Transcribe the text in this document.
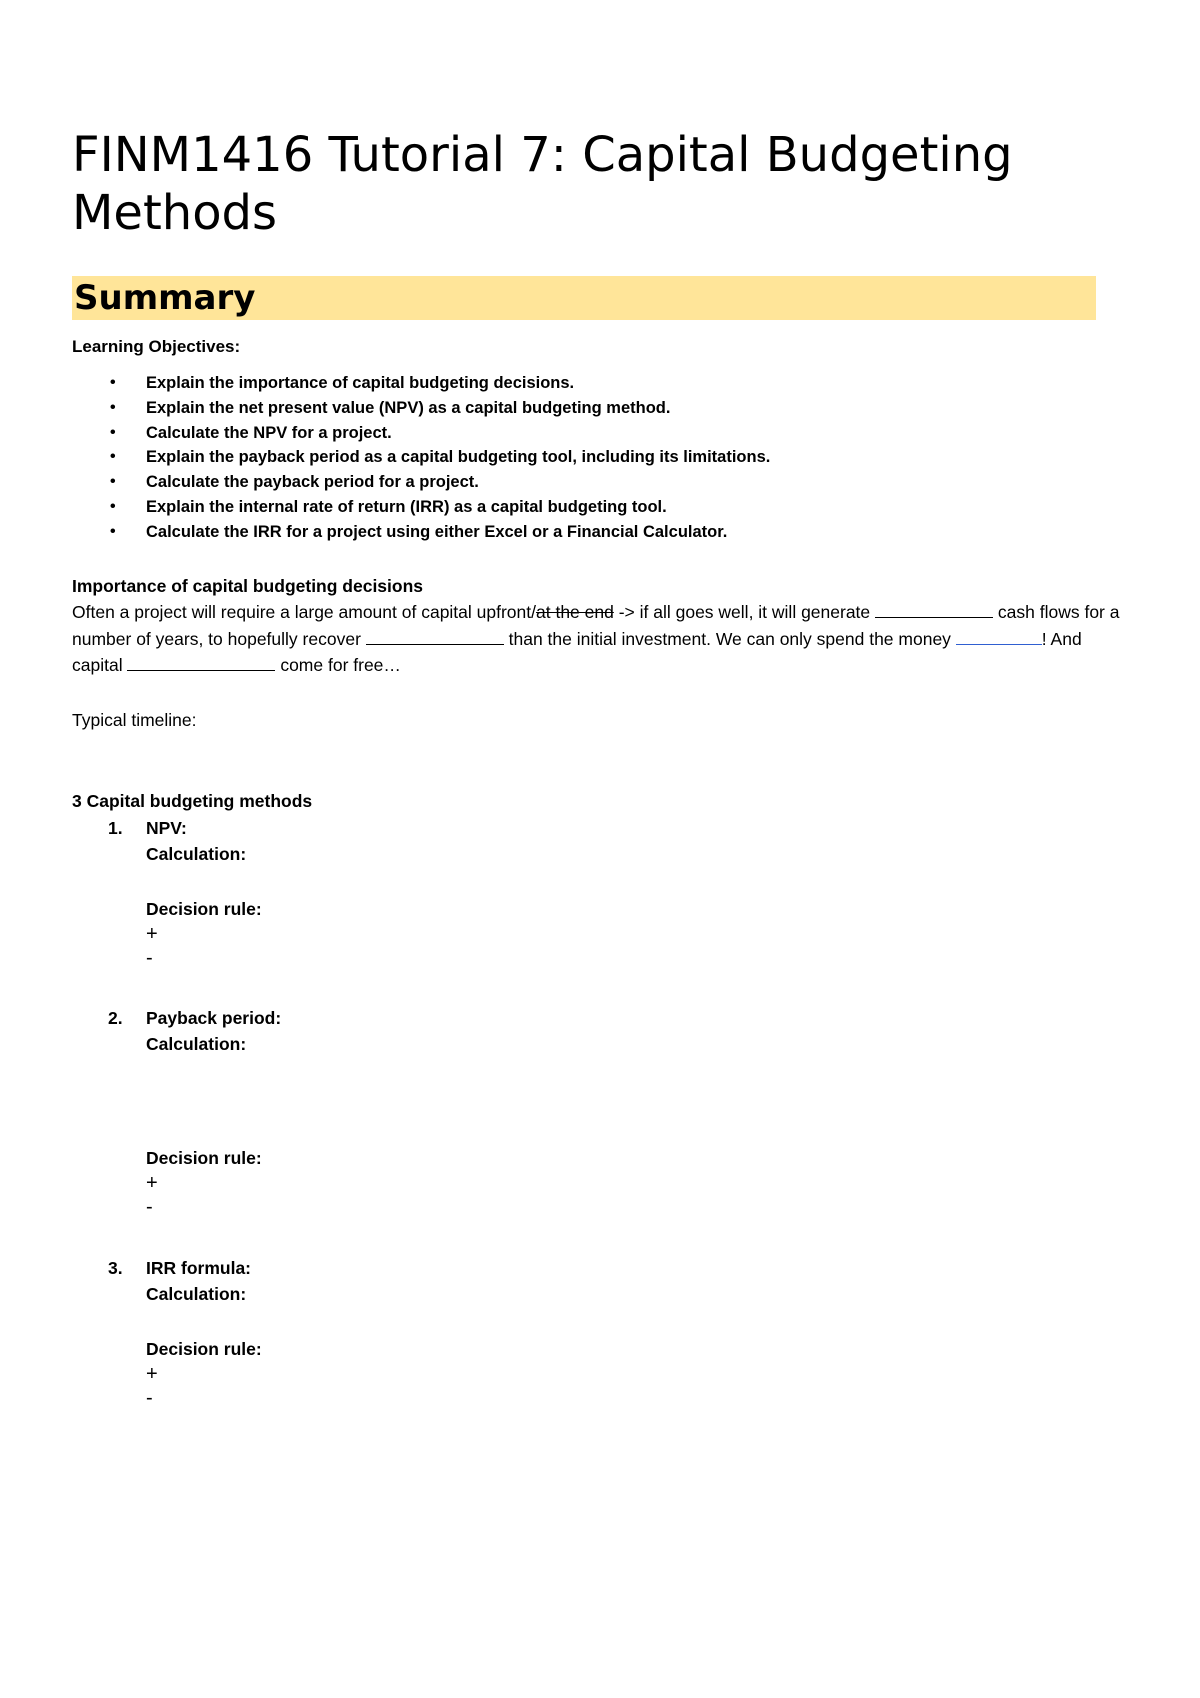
FINM1416 Tutorial 7: Capital Budgeting Methods
Summary
Learning Objectives:
• Explain the importance of capital budgeting decisions.
• Explain the net present value (NPV) as a capital budgeting method.
• Calculate the NPV for a project.
• Explain the payback period as a capital budgeting tool, including its limitations.
• Calculate the payback period for a project.
• Explain the internal rate of return (IRR) as a capital budgeting tool.
• Calculate the IRR for a project using either Excel or a Financial Calculator.
Importance of capital budgeting decisions
Often a project will require a large amount of capital upfront/at the end -> if all goes well, it will generate	cash flows for a number of years, to hopefully recover	than the initial investment. We can only spend the money	! And capital	come for free…
Typical timeline:
3 Capital budgeting methods
1.	NPV:
Calculation:
Decision rule:
+
-
2.	Payback period:
Calculation:
Decision rule:
+
-
3.	IRR formula:
Calculation:
Decision rule:
+
-
